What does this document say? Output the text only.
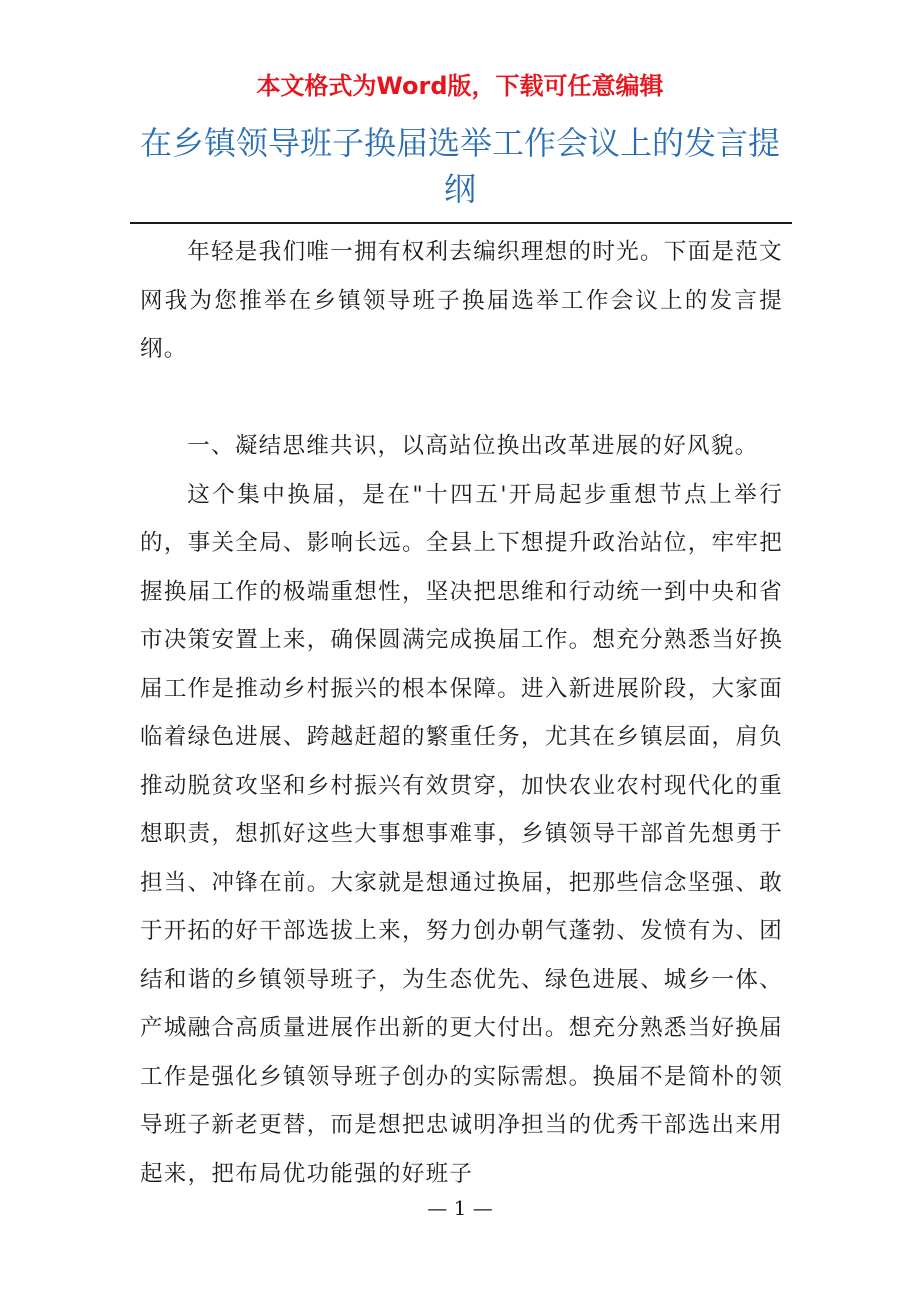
本文格式为Word版，下载可任意编辑
在乡镇领导班子换届选举工作会议上的发言提纲

年轻是我们唯一拥有权利去编织理想的时光。下面是范文网我为您推举在乡镇领导班子换届选举工作会议上的发言提纲。

一、凝结思维共识，以高站位换出改革进展的好风貌。

这个集中换届，是在"十四五'开局起步重想节点上举行的，事关全局、影响长远。全县上下想提升政治站位，牢牢把握换届工作的极端重想性，坚决把思维和行动统一到中央和省市决策安置上来，确保圆满完成换届工作。想充分熟悉当好换届工作是推动乡村振兴的根本保障。进入新进展阶段，大家面临着绿色进展、跨越赶超的繁重任务，尤其在乡镇层面，肩负推动脱贫攻坚和乡村振兴有效贯穿，加快农业农村现代化的重想职责，想抓好这些大事想事难事，乡镇领导干部首先想勇于担当、冲锋在前。大家就是想通过换届，把那些信念坚强、敢于开拓的好干部选拔上来，努力创办朝气蓬勃、发愤有为、团结和谐的乡镇领导班子，为生态优先、绿色进展、城乡一体、产城融合高质量进展作出新的更大付出。想充分熟悉当好换届工作是强化乡镇领导班子创办的实际需想。换届不是简朴的领导班子新老更替，而是想把忠诚明净担当的优秀干部选出来用起来，把布局优功能强的好班子

— 1 —
